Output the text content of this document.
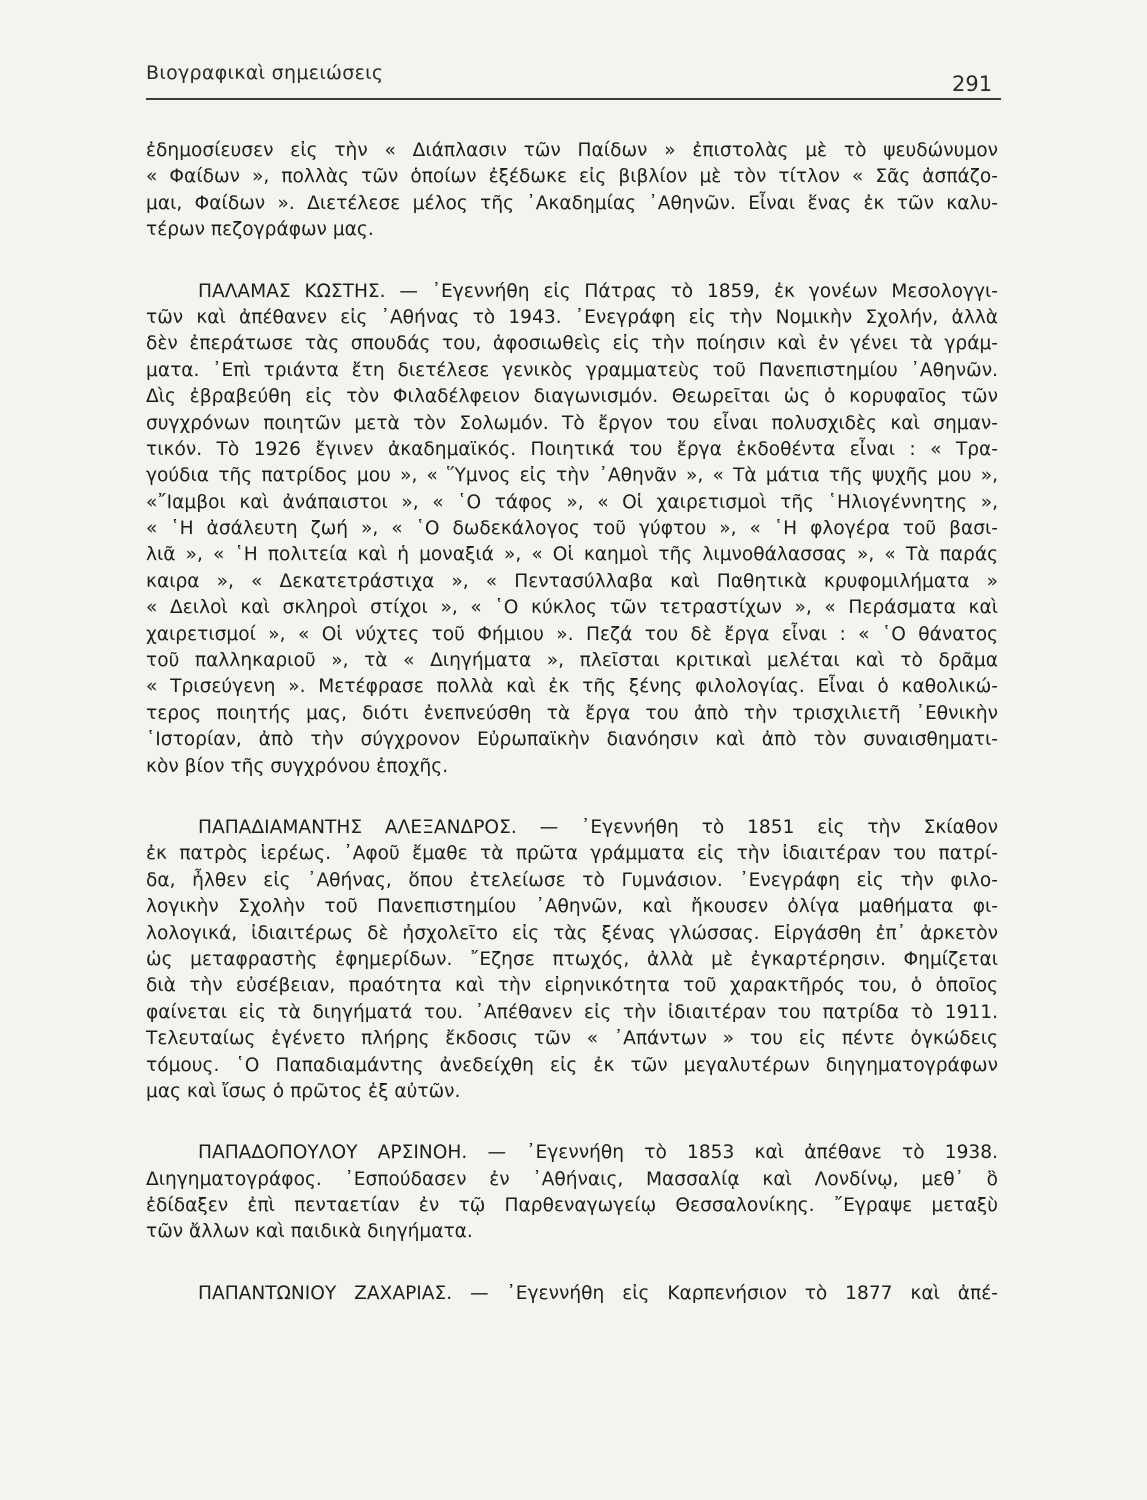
Βιογραφικαὶ σημειώσεις	291
ἐδημοσίευσεν εἰς τὴν « Διάπλασιν τῶν Παίδων » ἐπιστολὰς μὲ τὸ ψευδώνυμον
« Φαίδων », πολλὰς τῶν ὁποίων ἐξέδωκε εἰς βιβλίον μὲ τὸν τίτλον « Σᾶς ἀσπάζο-
μαι, Φαίδων ». Διετέλεσε μέλος τῆς ᾿Ακαδημίας ᾿Αθηνῶν. Εἶναι ἕνας ἐκ τῶν καλυ-
τέρων πεζογράφων μας.
ΠΑΛΑΜΑΣ ΚΩΣΤΗΣ. — ᾿Εγεννήθη εἰς Πάτρας τὸ 1859, ἐκ γονέων Μεσολογγι-
τῶν καὶ ἀπέθανεν εἰς ᾿Αθήνας τὸ 1943. ᾿Ενεγράφη εἰς τὴν Νομικὴν Σχολήν, ἀλλὰ
δὲν ἐπεράτωσε τὰς σπουδάς του, ἀφοσιωθεὶς εἰς τὴν ποίησιν καὶ ἐν γένει τὰ γράμ-
ματα. ᾿Επὶ τριάντα ἔτη διετέλεσε γενικὸς γραμματεὺς τοῦ Πανεπιστημίου ᾿Αθηνῶν.
Δὶς ἐβραβεύθη εἰς τὸν Φιλαδέλφειον διαγωνισμόν. Θεωρεῖται ὡς ὁ κορυφαῖος τῶν
συγχρόνων ποιητῶν μετὰ τὸν Σολωμόν. Τὸ ἔργον του εἶναι πολυσχιδὲς καὶ σημαν-
τικόν. Τὸ 1926 ἔγινεν ἀκαδημαϊκός. Ποιητικά του ἔργα ἐκδοθέντα εἶναι : « Τρα-
γούδια τῆς πατρίδος μου », « Ὕμνος εἰς τὴν ᾿Αθηνᾶν », « Τὰ μάτια τῆς ψυχῆς μου »,
«῎Ιαμβοι καὶ ἀνάπαιστοι », « ῾Ο τάφος », « Οἱ χαιρετισμοὶ τῆς ῾Ηλιογέννητης »,
« ῾Η ἀσάλευτη ζωή », « ῾Ο δωδεκάλογος τοῦ γύφτου », « ῾Η φλογέρα τοῦ βασι-
λιᾶ », « ῾Η πολιτεία καὶ ἡ μοναξιά », « Οἱ καημοὶ τῆς λιμνοθάλασσας », « Τὰ παράς
καιρα », « Δεκατετράστιχα », « Πεντασύλλαβα καὶ Παθητικὰ κρυφομιλήματα »
« Δειλοὶ καὶ σκληροὶ στίχοι », « ῾Ο κύκλος τῶν τετραστίχων », « Περάσματα καὶ
χαιρετισμοί », « Οἱ νύχτες τοῦ Φήμιου ». Πεζά του δὲ ἔργα εἶναι : « ῾Ο θάνατος
τοῦ παλληκαριοῦ », τὰ « Διηγήματα », πλεῖσται κριτικαὶ μελέται καὶ τὸ δρᾶμα
« Τρισεύγενη ». Μετέφρασε πολλὰ καὶ ἐκ τῆς ξένης φιλολογίας. Εἶναι ὁ καθολικώ-
τερος ποιητής μας, διότι ἐνεπνεύσθη τὰ ἔργα του ἀπὸ τὴν τρισχιλιετῆ ᾿Εθνικὴν
῾Ιστορίαν, ἀπὸ τὴν σύγχρονον Εὐρωπαϊκὴν διανόησιν καὶ ἀπὸ τὸν συναισθηματι-
κὸν βίον τῆς συγχρόνου ἐποχῆς.
ΠΑΠΑΔΙΑΜΑΝΤΗΣ ΑΛΕΞΑΝΔΡΟΣ. — ᾿Εγεννήθη τὸ 1851 εἰς τὴν Σκίαθον
ἐκ πατρὸς ἱερέως. ᾿Αφοῦ ἔμαθε τὰ πρῶτα γράμματα εἰς τὴν ἰδιαιτέραν του πατρί-
δα, ἦλθεν εἰς ᾿Αθήνας, ὅπου ἐτελείωσε τὸ Γυμνάσιον. ᾿Ενεγράφη εἰς τὴν φιλο-
λογικὴν Σχολὴν τοῦ Πανεπιστημίου ᾿Αθηνῶν, καὶ ἤκουσεν ὀλίγα μαθήματα φι-
λολογικά, ἰδιαιτέρως δὲ ἠσχολεῖτο εἰς τὰς ξένας γλώσσας. Εἰργάσθη ἐπ᾿ ἀρκετὸν
ὡς μεταφραστὴς ἐφημερίδων. ῎Εζησε πτωχός, ἀλλὰ μὲ ἐγκαρτέρησιν. Φημίζεται
διὰ τὴν εὐσέβειαν, πραότητα καὶ τὴν εἰρηνικότητα τοῦ χαρακτῆρός του, ὁ ὁποῖος
φαίνεται εἰς τὰ διηγήματά του. ᾿Απέθανεν εἰς τὴν ἰδιαιτέραν του πατρίδα τὸ 1911.
Τελευταίως ἐγένετο πλήρης ἔκδοσις τῶν « ᾿Απάντων » του εἰς πέντε ὀγκώδεις
τόμους. ῾Ο Παπαδιαμάντης ἀνεδείχθη εἰς ἐκ τῶν μεγαλυτέρων διηγηματογράφων
μας καὶ ἴσως ὁ πρῶτος ἐξ αὐτῶν.
ΠΑΠΑΔΟΠΟΥΛΟΥ ΑΡΣΙΝΟΗ. — ᾿Εγεννήθη τὸ 1853 καὶ ἀπέθανε τὸ 1938.
Διηγηματογράφος. ᾿Εσπούδασεν ἐν ᾿Αθήναις, Μασσαλίᾳ καὶ Λονδίνῳ, μεθ᾿ ὃ
ἐδίδαξεν ἐπὶ πενταετίαν ἐν τῷ Παρθεναγωγείῳ Θεσσαλονίκης. ῎Εγραψε μεταξὺ
τῶν ἄλλων καὶ παιδικὰ διηγήματα.
ΠΑΠΑΝΤΩΝΙΟΥ ΖΑΧΑΡΙΑΣ. — ᾿Εγεννήθη εἰς Καρπενήσιον τὸ 1877 καὶ ἀπέ-
